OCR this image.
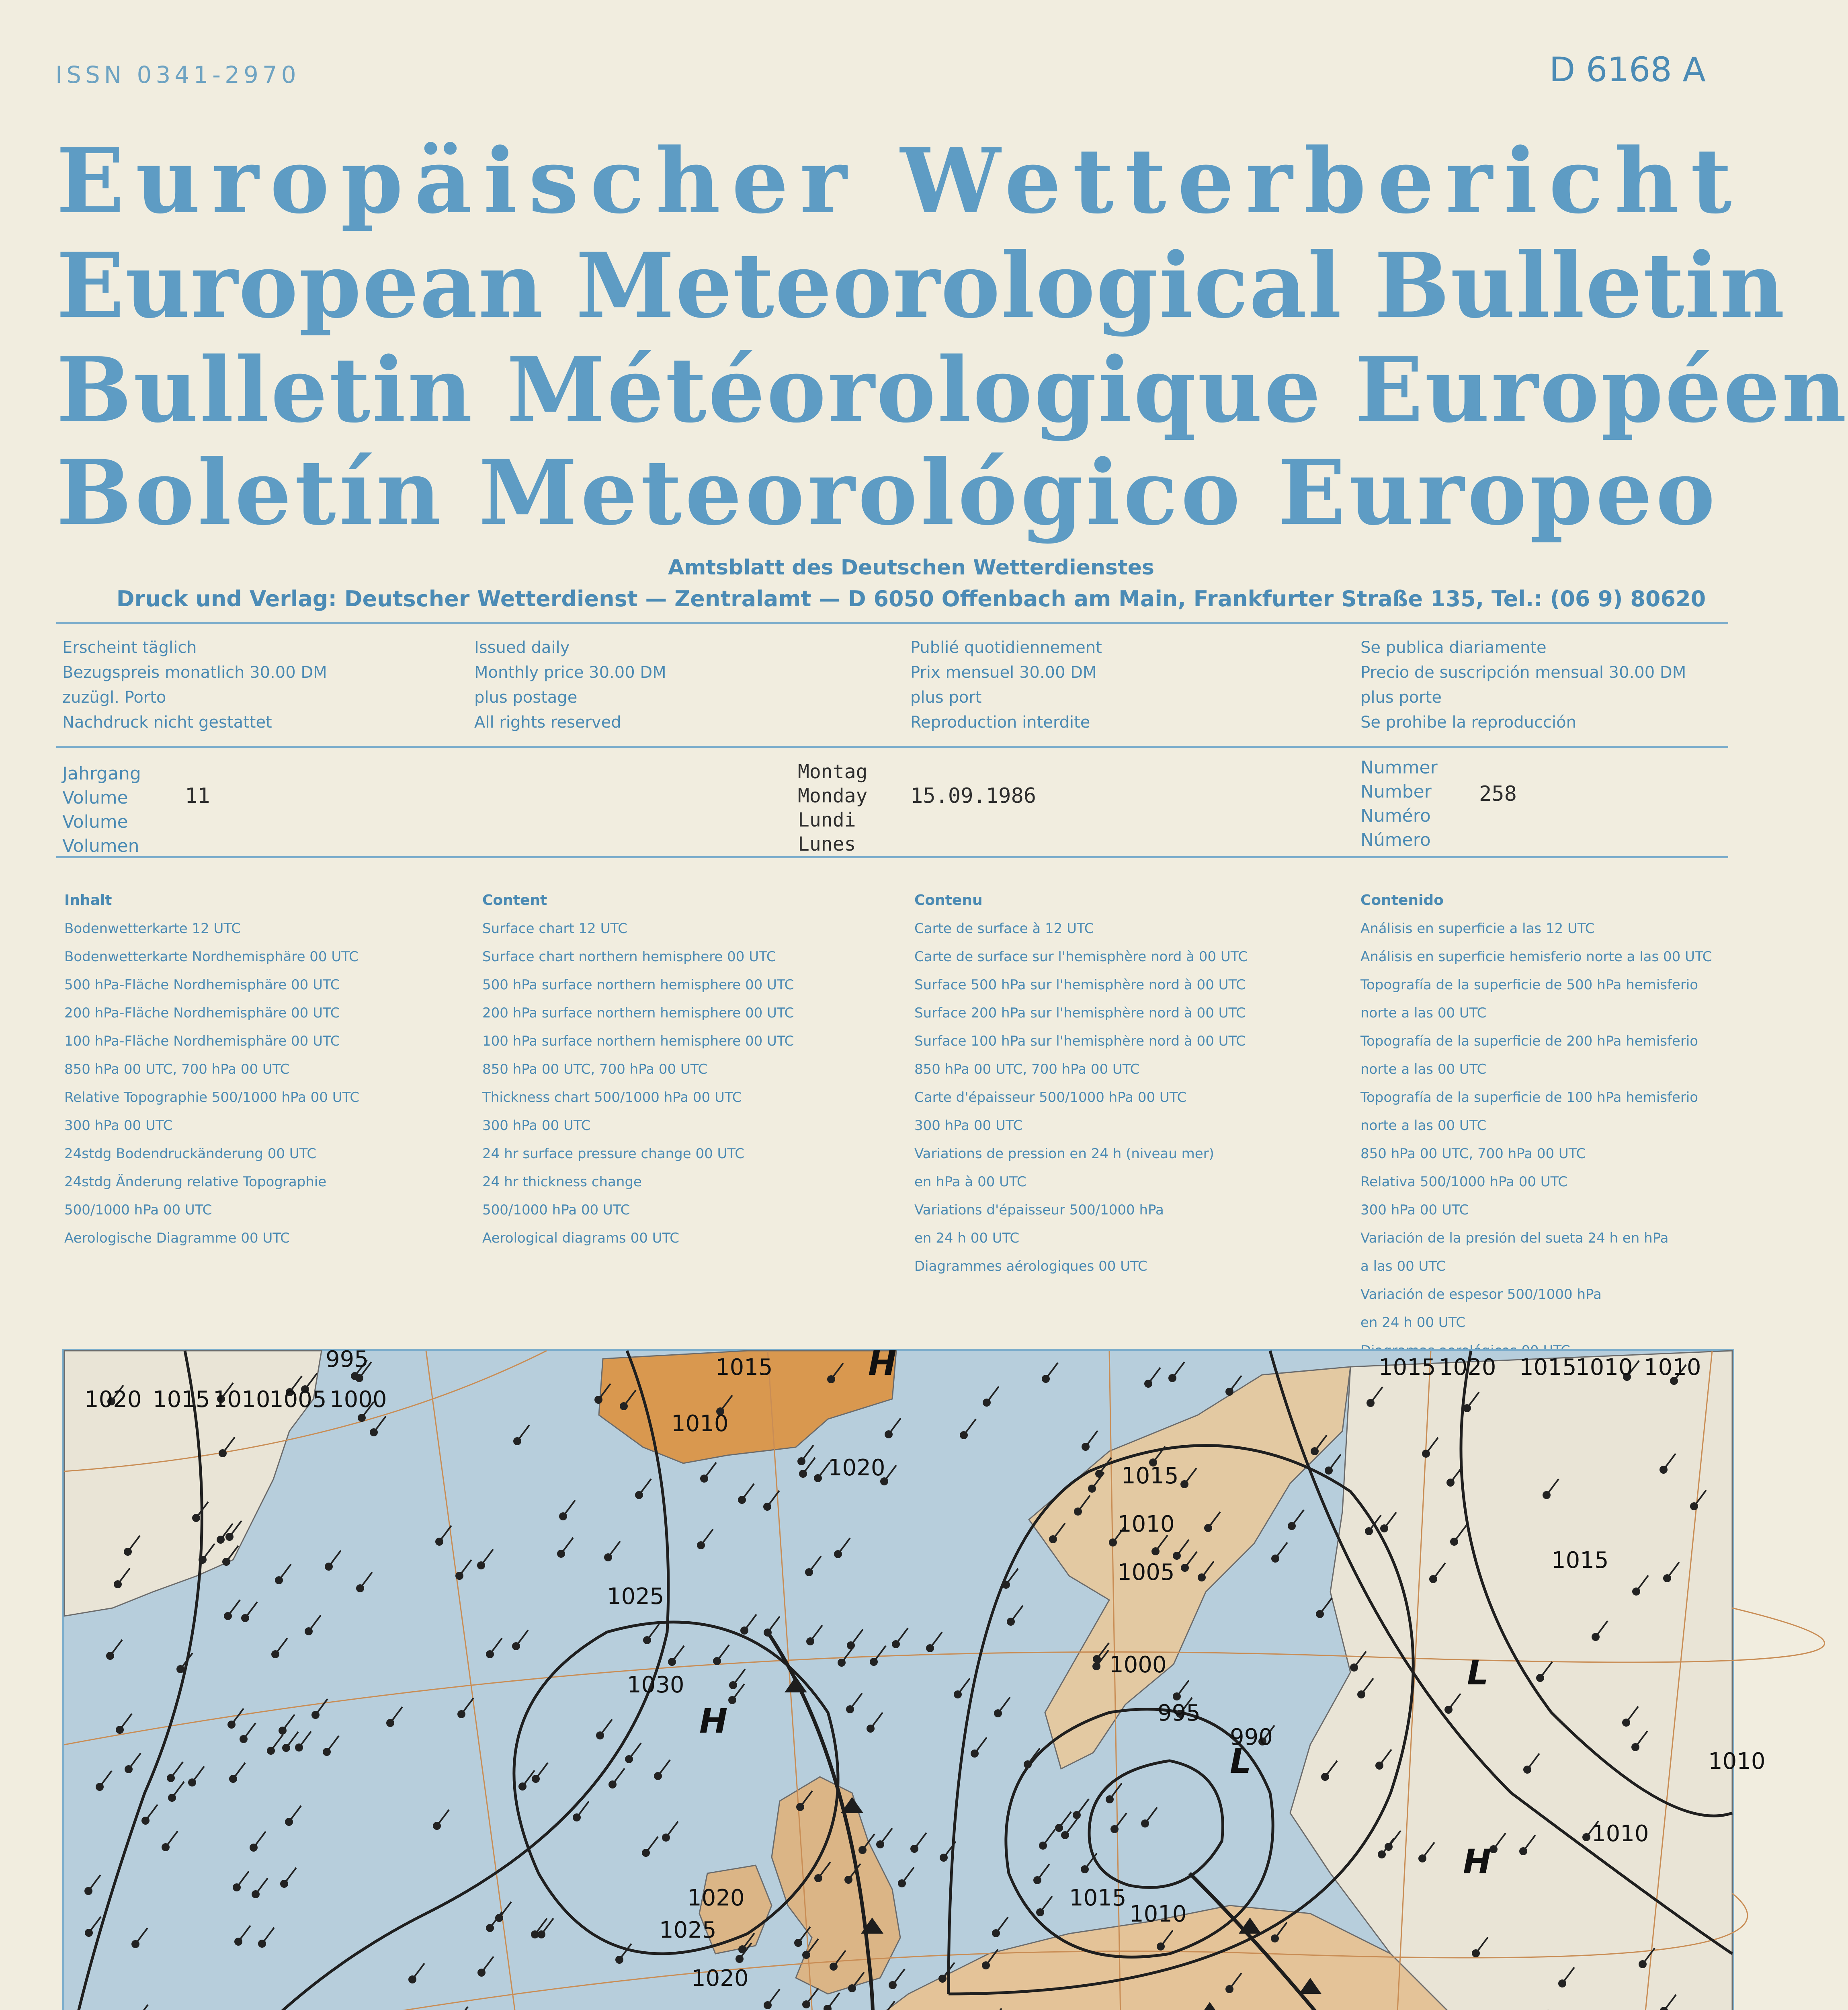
ISSN 0341-2970	D 6168 A
Europäischer Wetterbericht
European Meteorological Bulletin
Bulletin Météorologique Européen
Boletín Meteorológico Europeo
Amtsblatt des Deutschen Wetterdienstes
Druck und Verlag: Deutscher Wetterdienst — Zentralamt — D 6050 Offenbach am Main, Frankfurter Straße 135, Tel.: (06 9) 80620
Erscheint täglich
Bezugspreis monatlich 30.00 DM
zuzügl. Porto
Nachdruck nicht gestattet
Issued daily
Monthly price 30.00 DM
plus postage
All rights reserved
Publié quotidiennement
Prix mensuel 30.00 DM
plus port
Reproduction interdite
Se publica diariamente
Precio de suscripción mensual 30.00 DM
plus porte
Se prohibe la reproducción
Jahrgang
Volume
Volume
Volumen
11
Montag
Monday
Lundi
Lunes
15.09.1986
Nummer
Number
Numéro
Número
258
Inhalt
Bodenwetterkarte 12 UTC
Bodenwetterkarte Nordhemisphäre 00 UTC
500 hPa-Fläche Nordhemisphäre 00 UTC
200 hPa-Fläche Nordhemisphäre 00 UTC
100 hPa-Fläche Nordhemisphäre 00 UTC
850 hPa 00 UTC, 700 hPa 00 UTC
Relative Topographie 500/1000 hPa 00 UTC
300 hPa 00 UTC
24stdg Bodendruckänderung 00 UTC
24stdg Änderung relative Topographie
500/1000 hPa 00 UTC
Aerologische Diagramme 00 UTC
Content
Surface chart 12 UTC
Surface chart northern hemisphere 00 UTC
500 hPa surface northern hemisphere 00 UTC
200 hPa surface northern hemisphere 00 UTC
100 hPa surface northern hemisphere 00 UTC
850 hPa 00 UTC, 700 hPa 00 UTC
Thickness chart 500/1000 hPa 00 UTC
300 hPa 00 UTC
24 hr surface pressure change 00 UTC
24 hr thickness change
500/1000 hPa 00 UTC
Aerological diagrams 00 UTC
Contenu
Carte de surface à 12 UTC
Carte de surface sur l'hemisphère nord à 00 UTC
Surface 500 hPa sur l'hemisphère nord à 00 UTC
Surface 200 hPa sur l'hemisphère nord à 00 UTC
Surface 100 hPa sur l'hemisphère nord à 00 UTC
850 hPa 00 UTC, 700 hPa 00 UTC
Carte d'épaisseur 500/1000 hPa 00 UTC
300 hPa 00 UTC
Variations de pression en 24 h (niveau mer)
en hPa à 00 UTC
Variations d'épaisseur 500/1000 hPa
en 24 h 00 UTC
Diagrammes aérologiques 00 UTC
Contenido
Análisis en superficie a las 12 UTC
Análisis en superficie hemisferio norte a las 00 UTC
Topografía de la superficie de 500 hPa hemisferio
norte a las 00 UTC
Topografía de la superficie de 200 hPa hemisferio
norte a las 00 UTC
Topografía de la superficie de 100 hPa hemisferio
norte a las 00 UTC
850 hPa 00 UTC, 700 hPa 00 UTC
Relativa 500/1000 hPa 00 UTC
300 hPa 00 UTC
Variación de la presión del sueta 24 h en hPa
a las 00 UTC
Variación de espesor 500/1000 hPa
en 24 h 00 UTC
995
1020 1015 1010
1005 1000
1015
1010
1020	1015
1010
1005
1025
1030
1000
995
990
1020
1025
1020
1010
1015
1020 1015
1010 1010
1015
1015
1010
1010
H
H
H
L
L
